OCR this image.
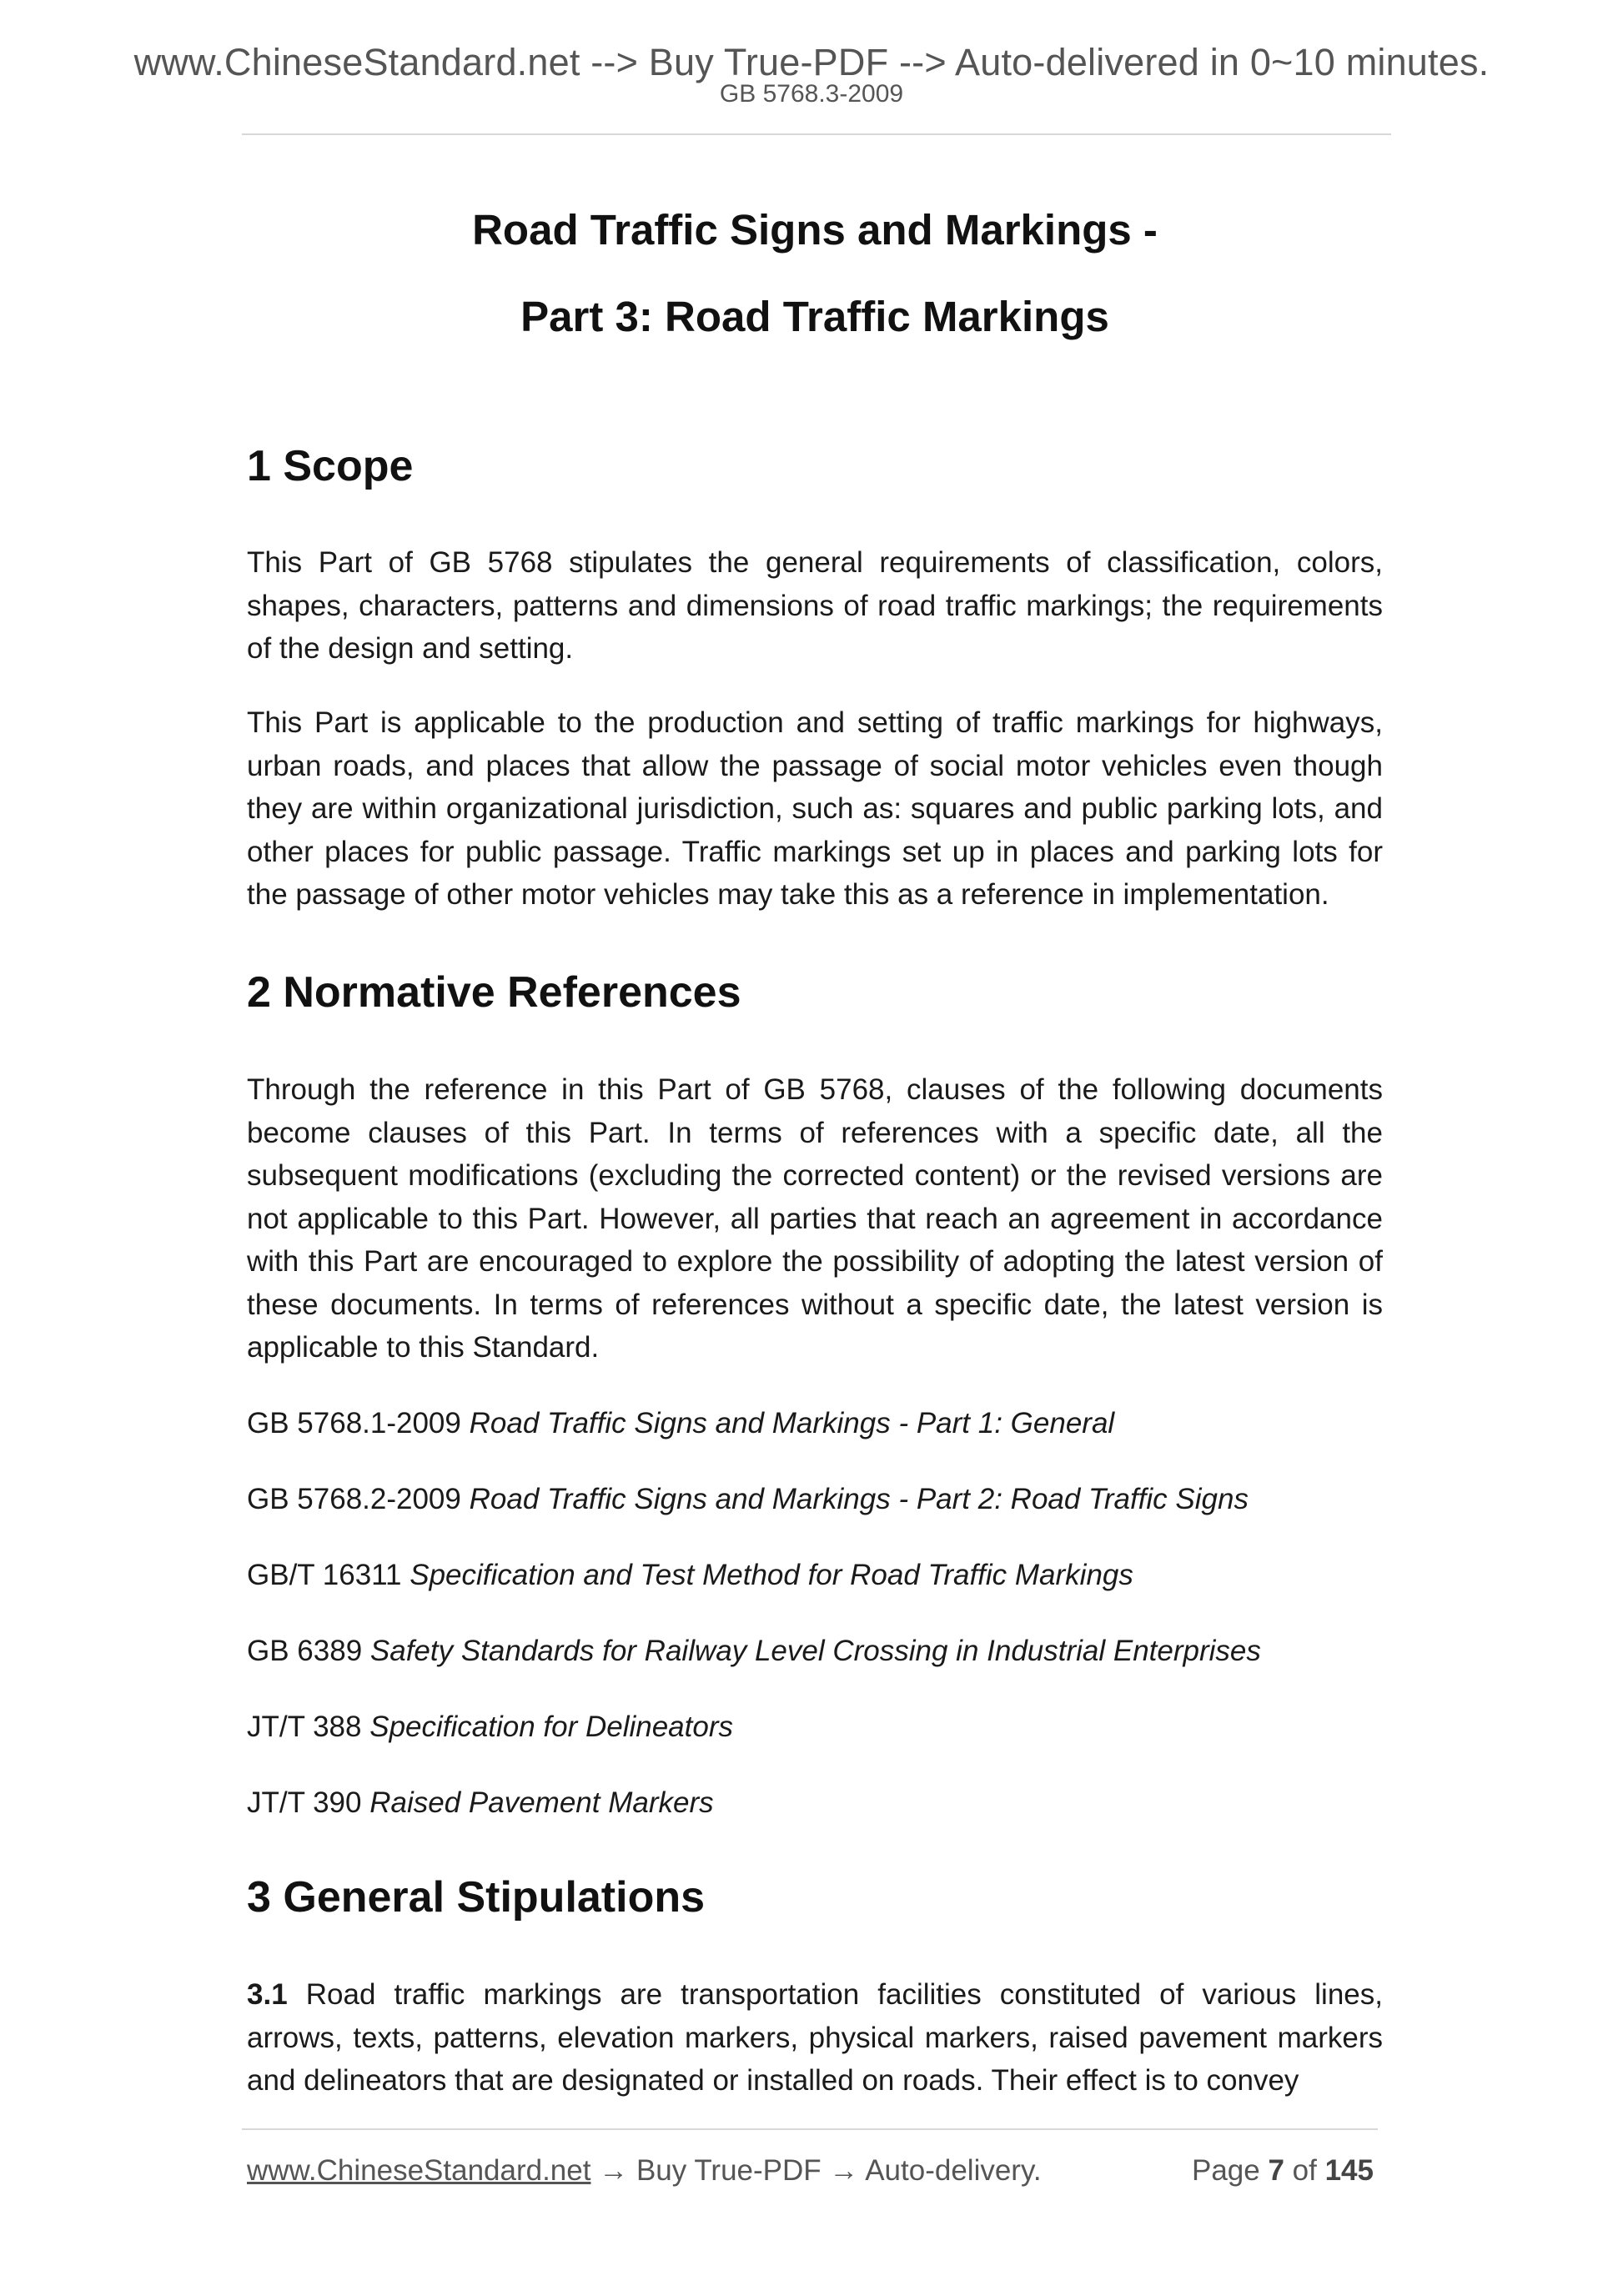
www.ChineseStandard.net --> Buy True-PDF --> Auto-delivered in 0~10 minutes.
GB 5768.3-2009
Road Traffic Signs and Markings -
Part 3: Road Traffic Markings
1 Scope

This Part of GB 5768 stipulates the general requirements of classification, colors, shapes, characters, patterns and dimensions of road traffic markings; the requirements of the design and setting.

This Part is applicable to the production and setting of traffic markings for highways, urban roads, and places that allow the passage of social motor vehicles even though they are within organizational jurisdiction, such as: squares and public parking lots, and other places for public passage. Traffic markings set up in places and parking lots for the passage of other motor vehicles may take this as a reference in implementation.

2 Normative References

Through the reference in this Part of GB 5768, clauses of the following documents become clauses of this Part. In terms of references with a specific date, all the subsequent modifications (excluding the corrected content) or the revised versions are not applicable to this Part. However, all parties that reach an agreement in accordance with this Part are encouraged to explore the possibility of adopting the latest version of these documents. In terms of references without a specific date, the latest version is applicable to this Standard.

GB 5768.1-2009 Road Traffic Signs and Markings - Part 1: General
GB 5768.2-2009 Road Traffic Signs and Markings - Part 2: Road Traffic Signs
GB/T 16311 Specification and Test Method for Road Traffic Markings
GB 6389 Safety Standards for Railway Level Crossing in Industrial Enterprises
JT/T 388 Specification for Delineators
JT/T 390 Raised Pavement Markers
3 General Stipulations

3.1 Road traffic markings are transportation facilities constituted of various lines, arrows, texts, patterns, elevation markers, physical markers, raised pavement markers and delineators that are designated or installed on roads. Their effect is to convey

www.ChineseStandard.net → Buy True-PDF → Auto-delivery.	Page 7 of 145
